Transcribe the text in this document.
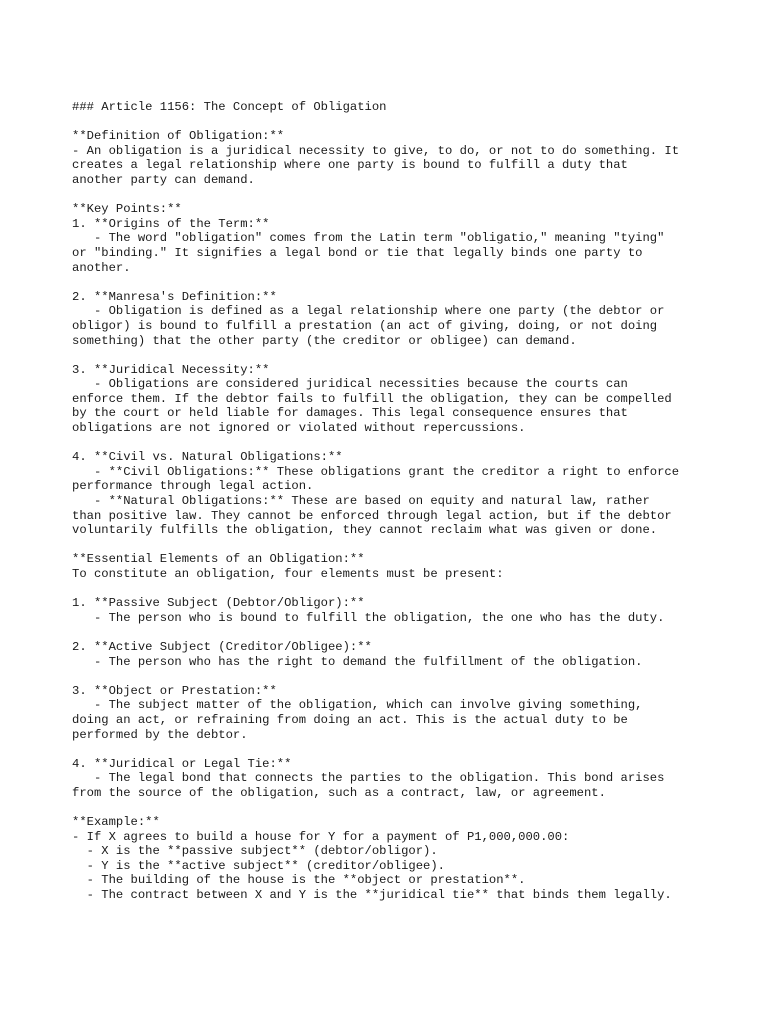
### Article 1156: The Concept of Obligation
**Definition of Obligation:**
- An obligation is a juridical necessity to give, to do, or not to do something. It
creates a legal relationship where one party is bound to fulfill a duty that
another party can demand.
**Key Points:**
1. **Origins of the Term:**
- The word "obligation" comes from the Latin term "obligatio," meaning "tying"
or "binding." It signifies a legal bond or tie that legally binds one party to
another.
2. **Manresa's Definition:**
- Obligation is defined as a legal relationship where one party (the debtor or
obligor) is bound to fulfill a prestation (an act of giving, doing, or not doing
something) that the other party (the creditor or obligee) can demand.
3. **Juridical Necessity:**
- Obligations are considered juridical necessities because the courts can
enforce them. If the debtor fails to fulfill the obligation, they can be compelled
by the court or held liable for damages. This legal consequence ensures that
obligations are not ignored or violated without repercussions.
4. **Civil vs. Natural Obligations:**
- **Civil Obligations:** These obligations grant the creditor a right to enforce
performance through legal action.
- **Natural Obligations:** These are based on equity and natural law, rather
than positive law. They cannot be enforced through legal action, but if the debtor
voluntarily fulfills the obligation, they cannot reclaim what was given or done.
**Essential Elements of an Obligation:**
To constitute an obligation, four elements must be present:
1. **Passive Subject (Debtor/Obligor):**
- The person who is bound to fulfill the obligation, the one who has the duty.
2. **Active Subject (Creditor/Obligee):**
- The person who has the right to demand the fulfillment of the obligation.
3. **Object or Prestation:**
- The subject matter of the obligation, which can involve giving something,
doing an act, or refraining from doing an act. This is the actual duty to be
performed by the debtor.
4. **Juridical or Legal Tie:**
- The legal bond that connects the parties to the obligation. This bond arises
from the source of the obligation, such as a contract, law, or agreement.
**Example:**
- If X agrees to build a house for Y for a payment of P1,000,000.00:
- X is the **passive subject** (debtor/obligor).
- Y is the **active subject** (creditor/obligee).
- The building of the house is the **object or prestation**.
- The contract between X and Y is the **juridical tie** that binds them legally.
